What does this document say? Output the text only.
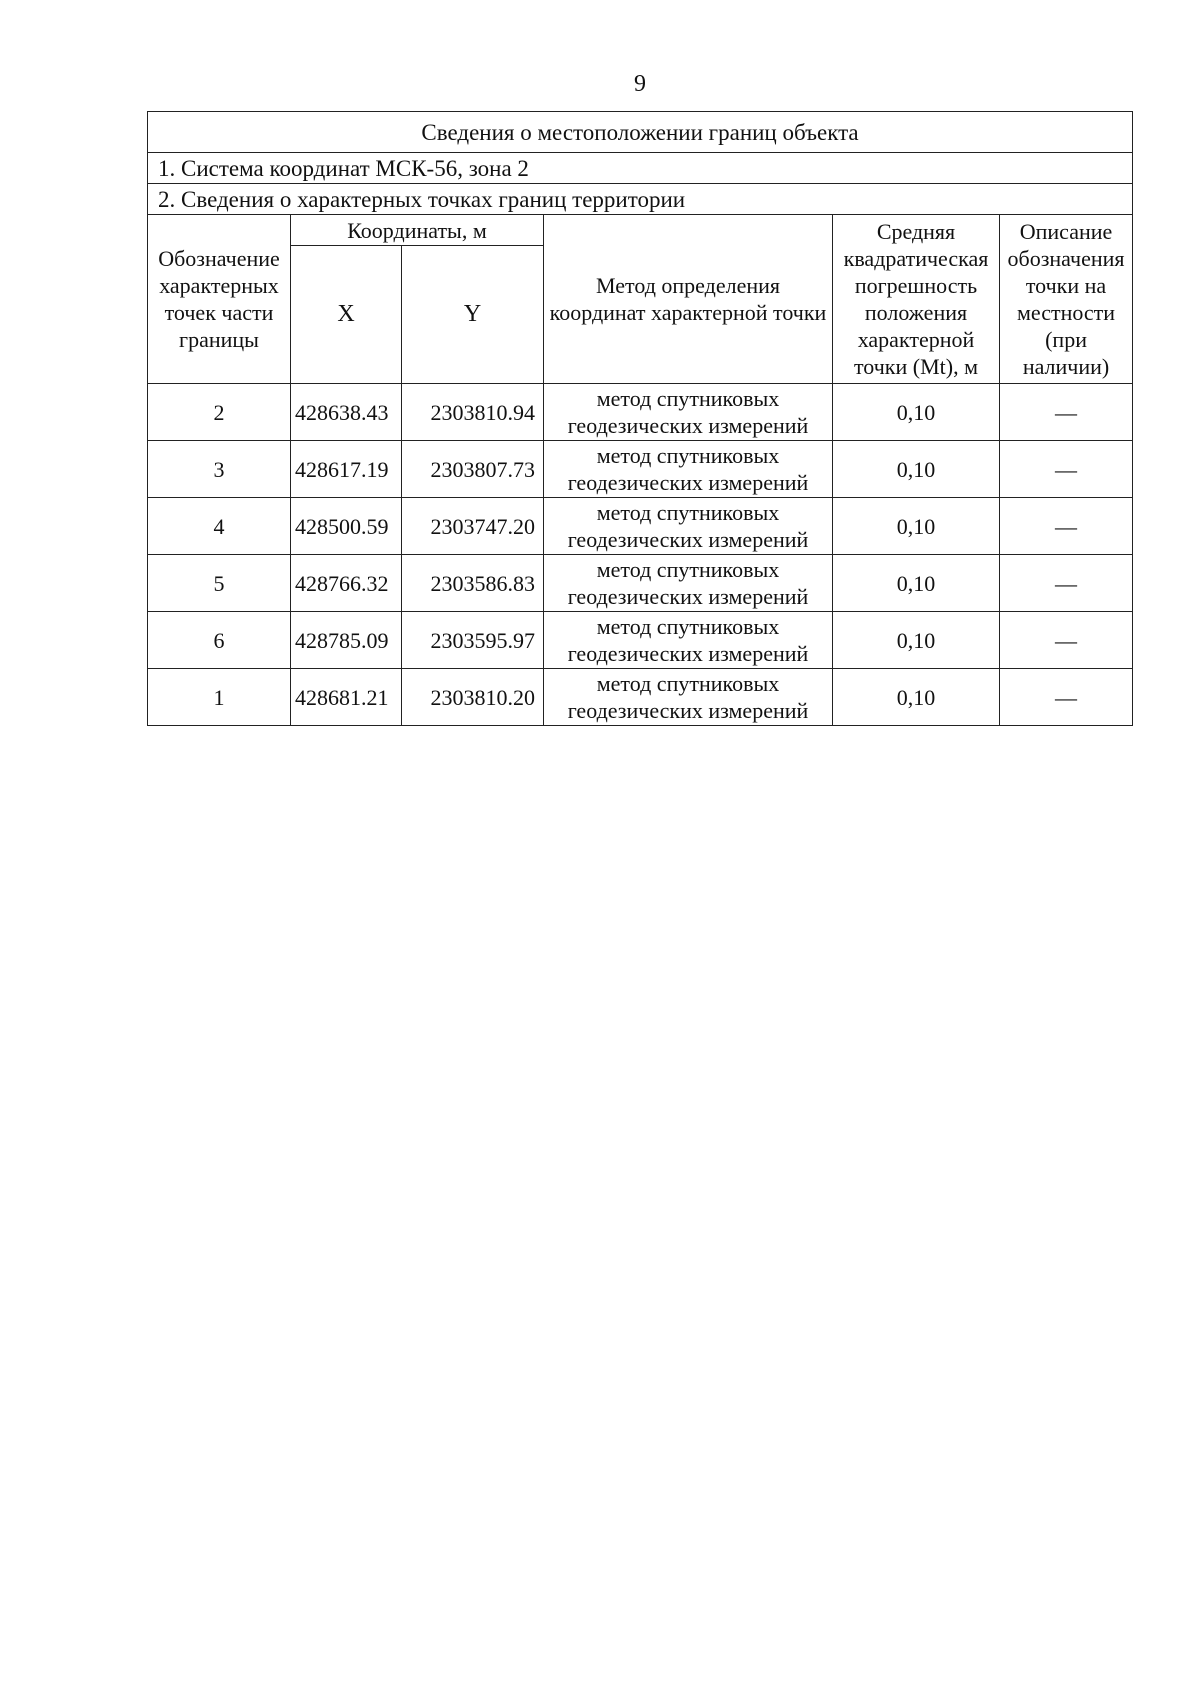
9
Сведения о местоположении границ объекта					
1. Система координат МСК-56, зона 2					
2. Сведения о характерных точках границ территории					
Обозначение характерных точек части границы	Координаты, м		Метод определения координат характерной точки	Средняя квадратическая погрешность положения характерной точки (Mt), м	Описание обозначения точки на местности (при наличии)
	X	Y			
2	428638.43	2303810.94	метод спутниковых геодезических измерений	0,10	—
3	428617.19	2303807.73	метод спутниковых геодезических измерений	0,10	—
4	428500.59	2303747.20	метод спутниковых геодезических измерений	0,10	—
5	428766.32	2303586.83	метод спутниковых геодезических измерений	0,10	—
6	428785.09	2303595.97	метод спутниковых геодезических измерений	0,10	—
1	428681.21	2303810.20	метод спутниковых геодезических измерений	0,10	—
